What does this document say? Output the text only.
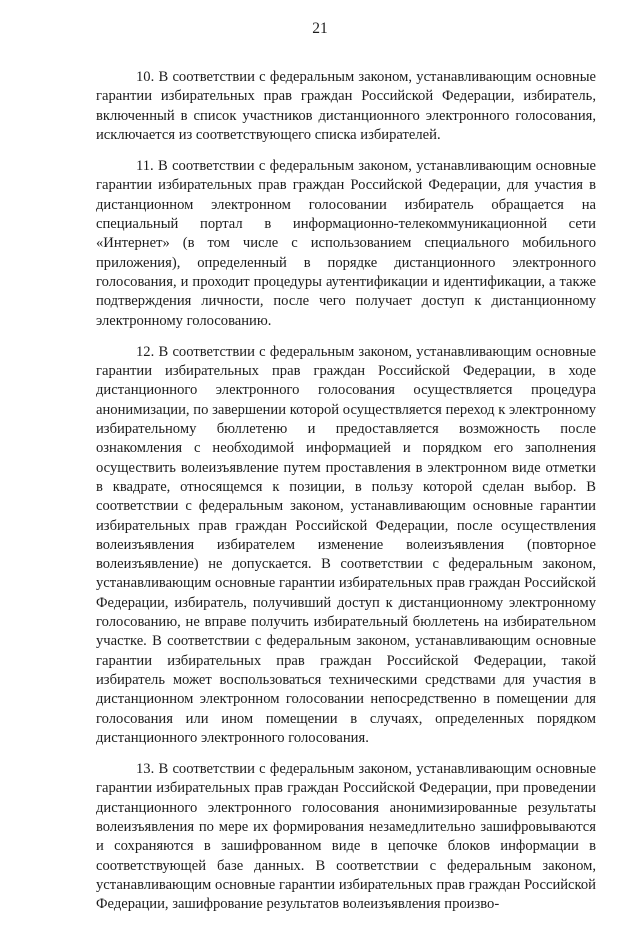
21

10. В соответствии с федеральным законом, устанавливающим основные гарантии избирательных прав граждан Российской Федерации, избиратель, включенный в список участников дистанционного электронного голосования, исключается из соответствующего списка избирателей.

11. В соответствии с федеральным законом, устанавливающим основные гарантии избирательных прав граждан Российской Федерации, для участия в дистанционном электронном голосовании избиратель обращается на специальный портал в информационно-телекоммуникационной сети «Интернет» (в том числе с использованием специального мобильного приложения), определенный в порядке дистанционного электронного голосования, и проходит процедуры аутентификации и идентификации, а также подтверждения личности, после чего получает доступ к дистанционному электронному голосованию.

12. В соответствии с федеральным законом, устанавливающим основные гарантии избирательных прав граждан Российской Федерации, в ходе дистанционного электронного голосования осуществляется процедура анонимизации, по завершении которой осуществляется переход к электронному избирательному бюллетеню и предоставляется возможность после ознакомления с необходимой информацией и порядком его заполнения осуществить волеизъявление путем проставления в электронном виде отметки в квадрате, относящемся к позиции, в пользу которой сделан выбор. В соответствии с федеральным законом, устанавливающим основные гарантии избирательных прав граждан Российской Федерации, после осуществления волеизъявления избирателем изменение волеизъявления (повторное волеизъявление) не допускается. В соответствии с федеральным законом, устанавливающим основные гарантии избирательных прав граждан Российской Федерации, избиратель, получивший доступ к дистанционному электронному голосованию, не вправе получить избирательный бюллетень на избирательном участке. В соответствии с федеральным законом, устанавливающим основные гарантии избирательных прав граждан Российской Федерации, такой избиратель может воспользоваться техническими средствами для участия в дистанционном электронном голосовании непосредственно в помещении для голосования или ином помещении в случаях, определенных порядком дистанционного электронного голосования.

13. В соответствии с федеральным законом, устанавливающим основные гарантии избирательных прав граждан Российской Федерации, при проведении дистанционного электронного голосования анонимизированные результаты волеизъявления по мере их формирования незамедлительно зашифровываются и сохраняются в зашифрованном виде в цепочке блоков информации в соответствующей базе данных. В соответствии с федеральным законом, устанавливающим основные гарантии избирательных прав граждан Российской Федерации, зашифрование результатов волеизъявления произво-
